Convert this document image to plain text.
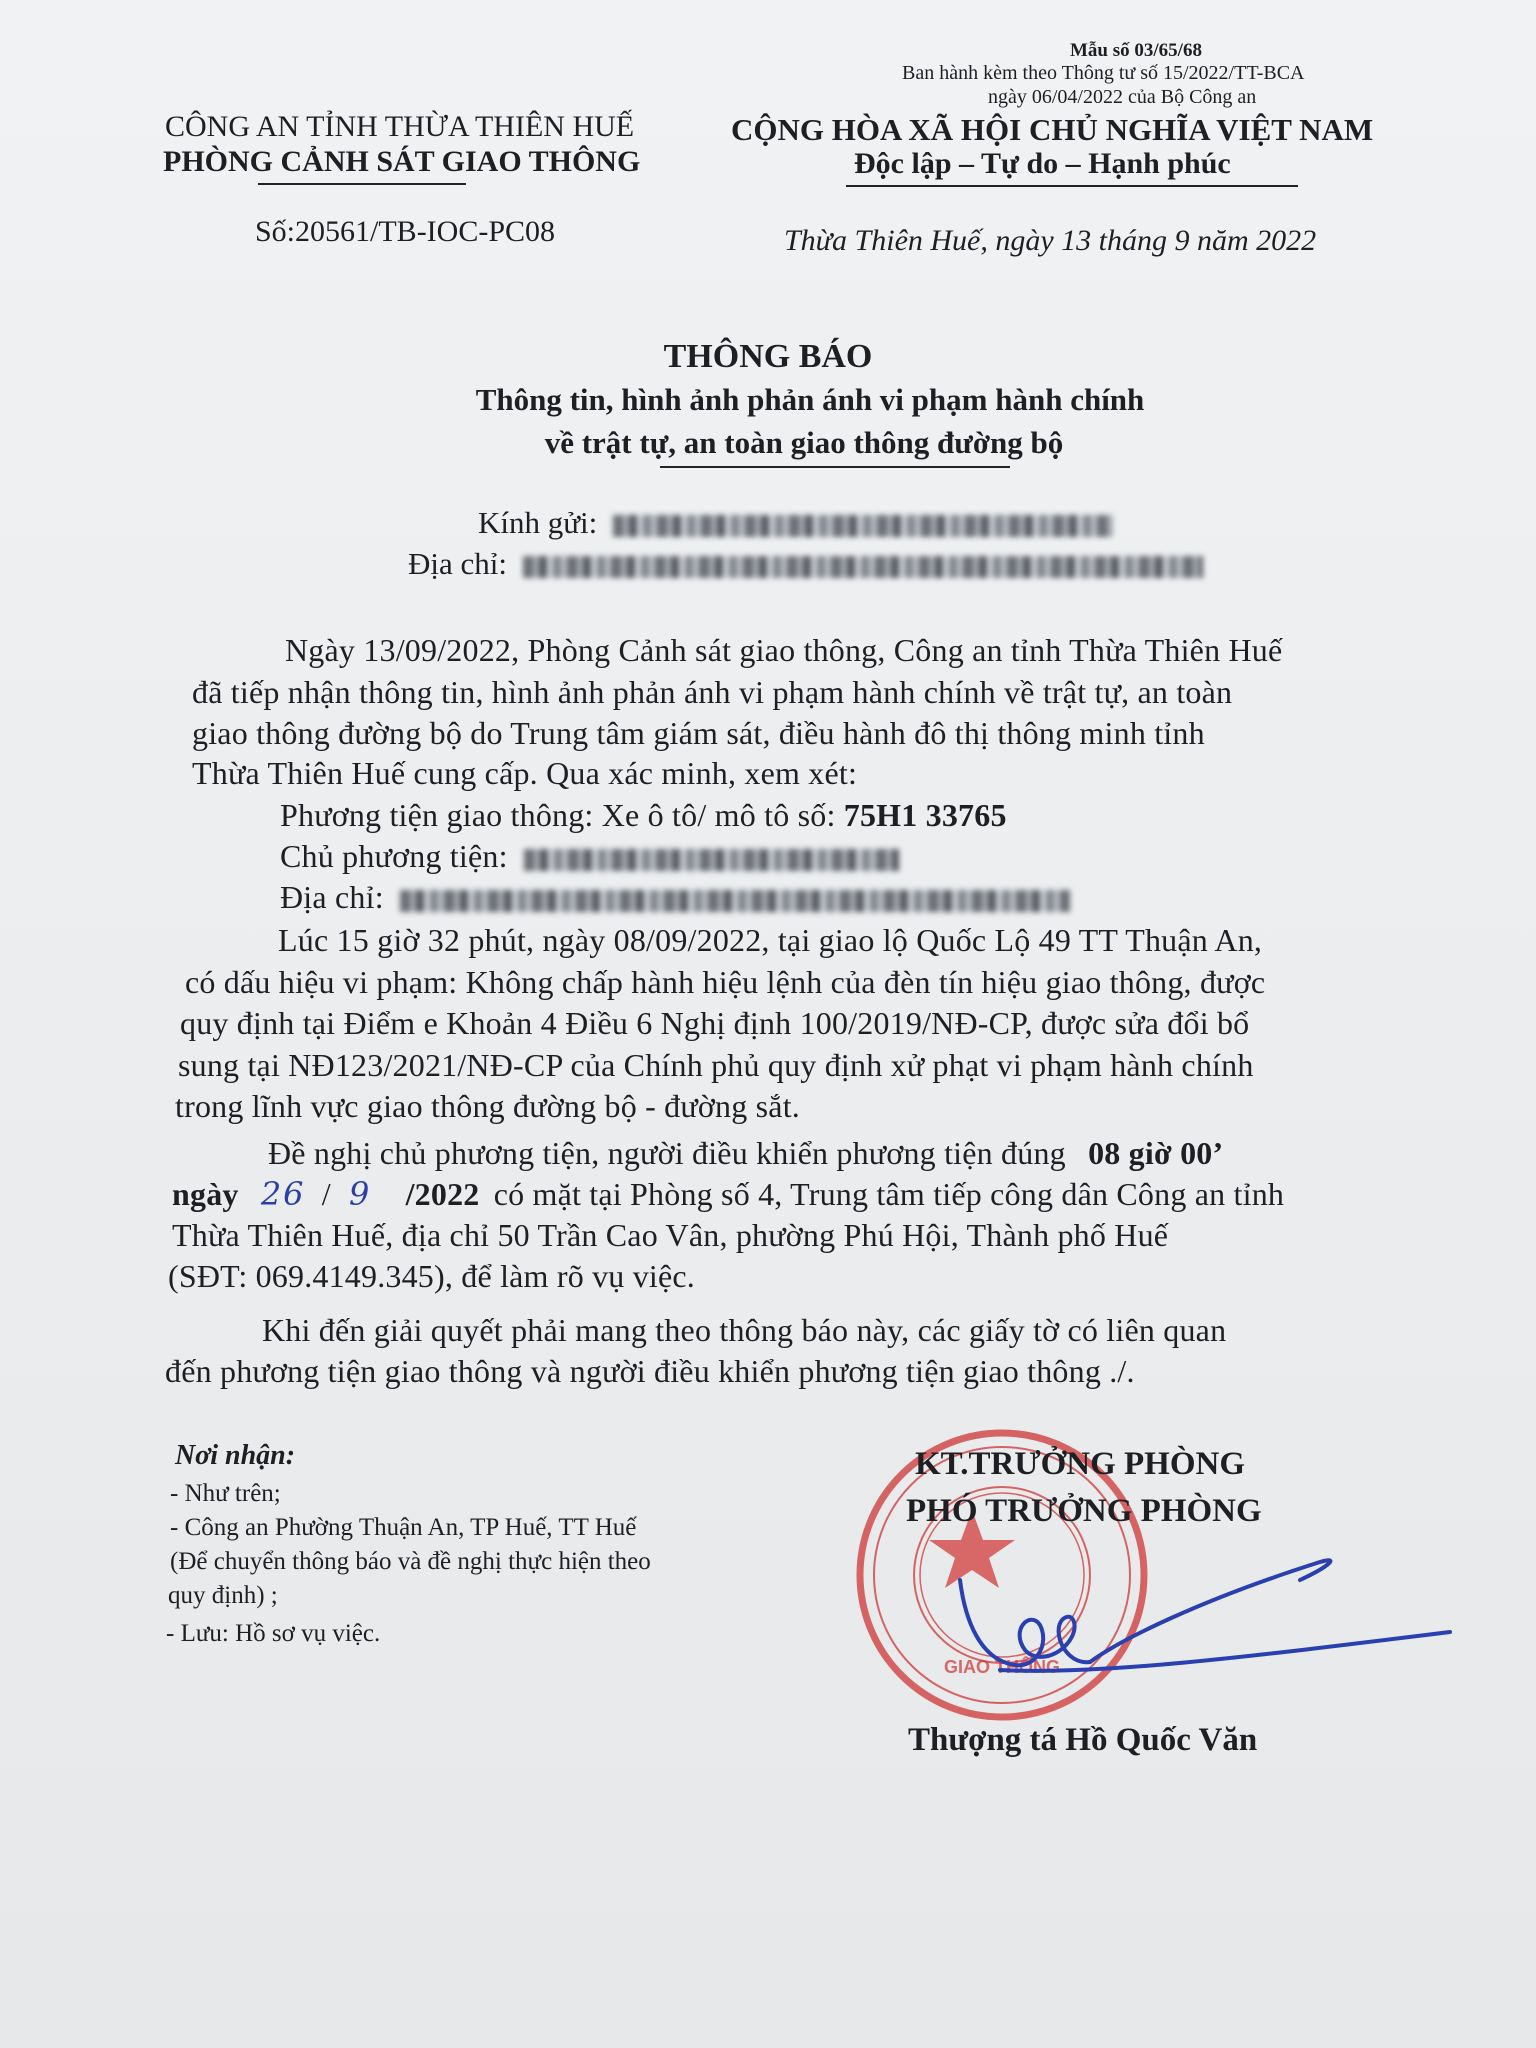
Mẫu số 03/65/68
Ban hành kèm theo Thông tư số 15/2022/TT-BCA
ngày 06/04/2022 của Bộ Công an
CÔNG AN TỈNH THỪA THIÊN HUẾ
PHÒNG CẢNH SÁT GIAO THÔNG
CỘNG HÒA XÃ HỘI CHỦ NGHĨA VIỆT NAM
Độc lập – Tự do – Hạnh phúc
Số:20561/TB-IOC-PC08	Thừa Thiên Huế, ngày 13 tháng 9 năm 2022
THÔNG BÁO
Thông tin, hình ảnh phản ánh vi phạm hành chính
về trật tự, an toàn giao thông đường bộ
Kính gửi:
Địa chỉ:
Ngày 13/09/2022, Phòng Cảnh sát giao thông, Công an tỉnh Thừa Thiên Huế
đã tiếp nhận thông tin, hình ảnh phản ánh vi phạm hành chính về trật tự, an toàn
giao thông đường bộ do Trung tâm giám sát, điều hành đô thị thông minh tỉnh
Thừa Thiên Huế cung cấp. Qua xác minh, xem xét:
Phương tiện giao thông: Xe ô tô/ mô tô số: 75H1 33765
Chủ phương tiện:
Địa chỉ:
Lúc 15 giờ 32 phút, ngày 08/09/2022, tại giao lộ Quốc Lộ 49 TT Thuận An,
có dấu hiệu vi phạm: Không chấp hành hiệu lệnh của đèn tín hiệu giao thông, được
quy định tại Điểm e Khoản 4 Điều 6 Nghị định 100/2019/NĐ-CP, được sửa đổi bổ
sung tại NĐ123/2021/NĐ-CP của Chính phủ quy định xử phạt vi phạm hành chính
trong lĩnh vực giao thông đường bộ - đường sắt.
Đề nghị chủ phương tiện, người điều khiển phương tiện đúng 08 giờ 00’
ngày 26 / 9 /2022 có mặt tại Phòng số 4, Trung tâm tiếp công dân Công an tỉnh
Thừa Thiên Huế, địa chỉ 50 Trần Cao Vân, phường Phú Hội, Thành phố Huế
(SĐT: 069.4149.345), để làm rõ vụ việc.
Khi đến giải quyết phải mang theo thông báo này, các giấy tờ có liên quan
đến phương tiện giao thông và người điều khiển phương tiện giao thông ./.
Nơi nhận:
- Như trên;
- Công an Phường Thuận An, TP Huế, TT Huế
(Để chuyển thông báo và đề nghị thực hiện theo
quy định) ;
- Lưu: Hồ sơ vụ việc.
GIAO THÔNG
KT.TRƯỞNG PHÒNG
PHÓ TRƯỞNG PHÒNG
Thượng tá Hồ Quốc Văn
